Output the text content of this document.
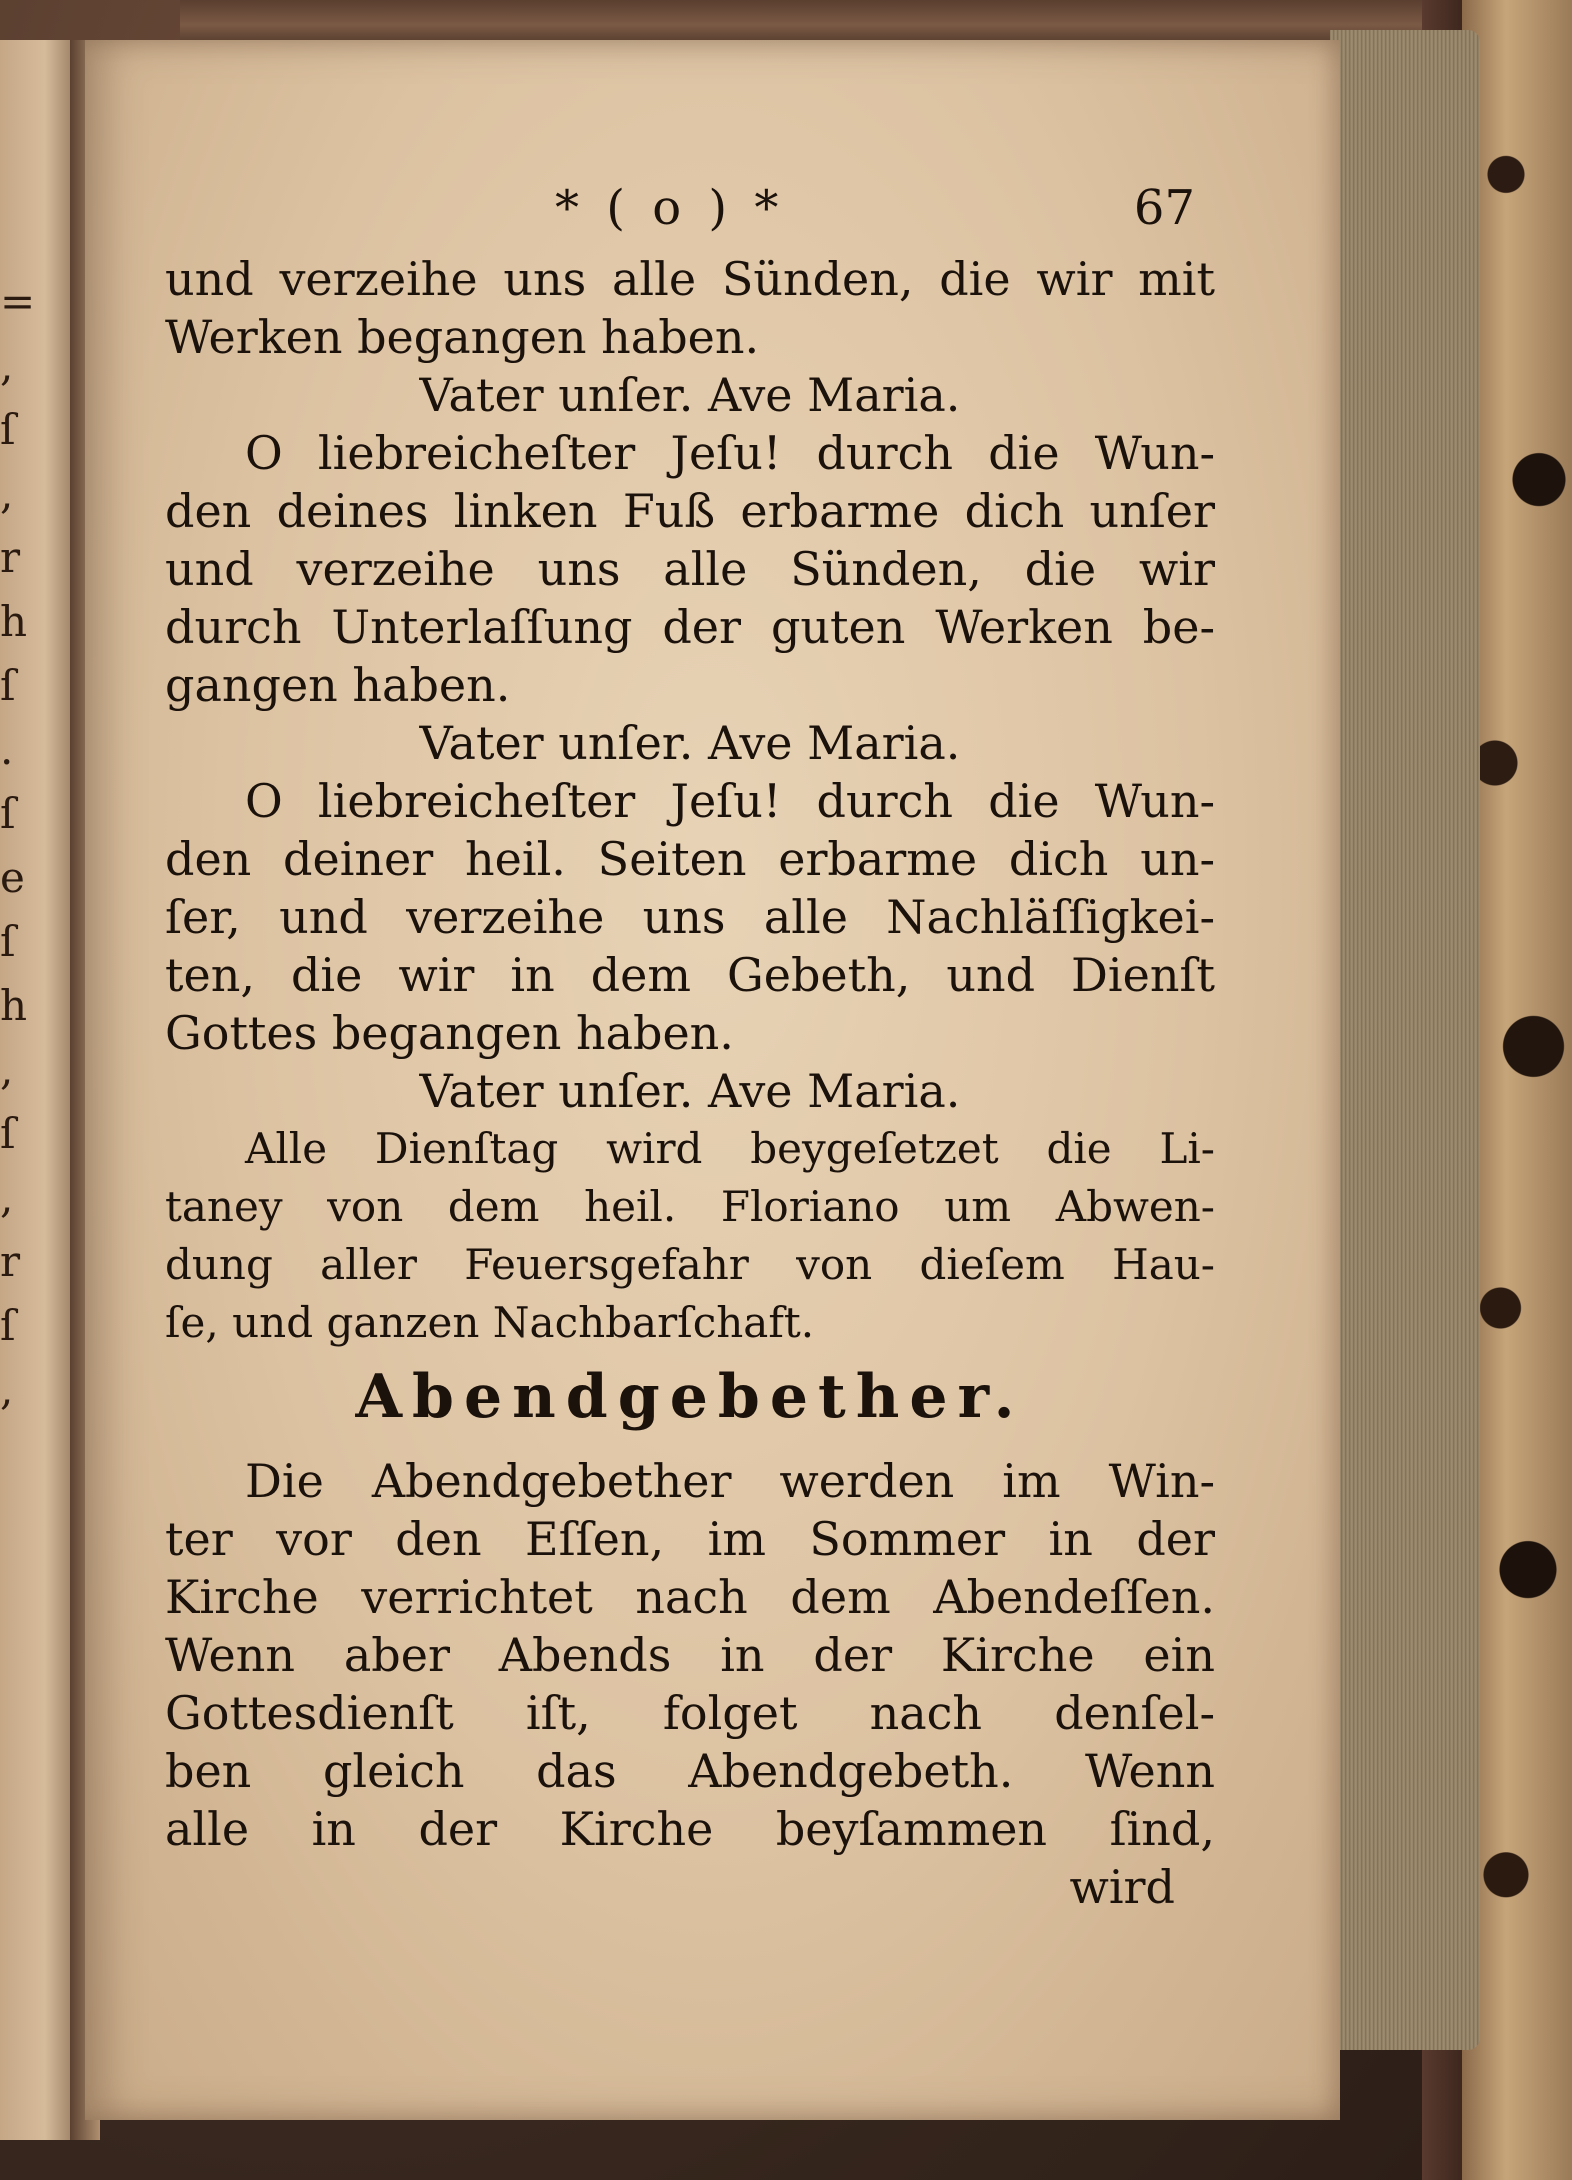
=
,
ſ
,
r
h
ſ
.
ſ
e
ſ
h
,
ſ
,
r
ſ
,
* ( o ) *	67
und verzeihe uns alle Sünden, die wir mit
Werken begangen haben.
Vater unſer. Ave Maria.
O liebreicheſter Jeſu! durch die Wun-
den deines linken Fuß erbarme dich unſer
und verzeihe uns alle Sünden, die wir
durch Unterlaſſung der guten Werken be-
gangen haben.
Vater unſer. Ave Maria.
O liebreicheſter Jeſu! durch die Wun-
den deiner heil. Seiten erbarme dich un-
ſer, und verzeihe uns alle Nachläſſigkei-
ten, die wir in dem Gebeth, und Dienſt
Gottes begangen haben.
Vater unſer. Ave Maria.
Alle Dienſtag wird beygeſetzet die Li-
taney von dem heil. Floriano um Abwen-
dung aller Feuersgefahr von dieſem Hau-
ſe, und ganzen Nachbarſchaft.
Abendgebether.
Die Abendgebether werden im Win-
ter vor den Eſſen, im Sommer in der
Kirche verrichtet nach dem Abendeſſen.
Wenn aber Abends in der Kirche ein
Gottesdienſt iſt, folget nach denſel-
ben gleich das Abendgebeth. Wenn
alle in der Kirche beyſammen ſind,
wird
